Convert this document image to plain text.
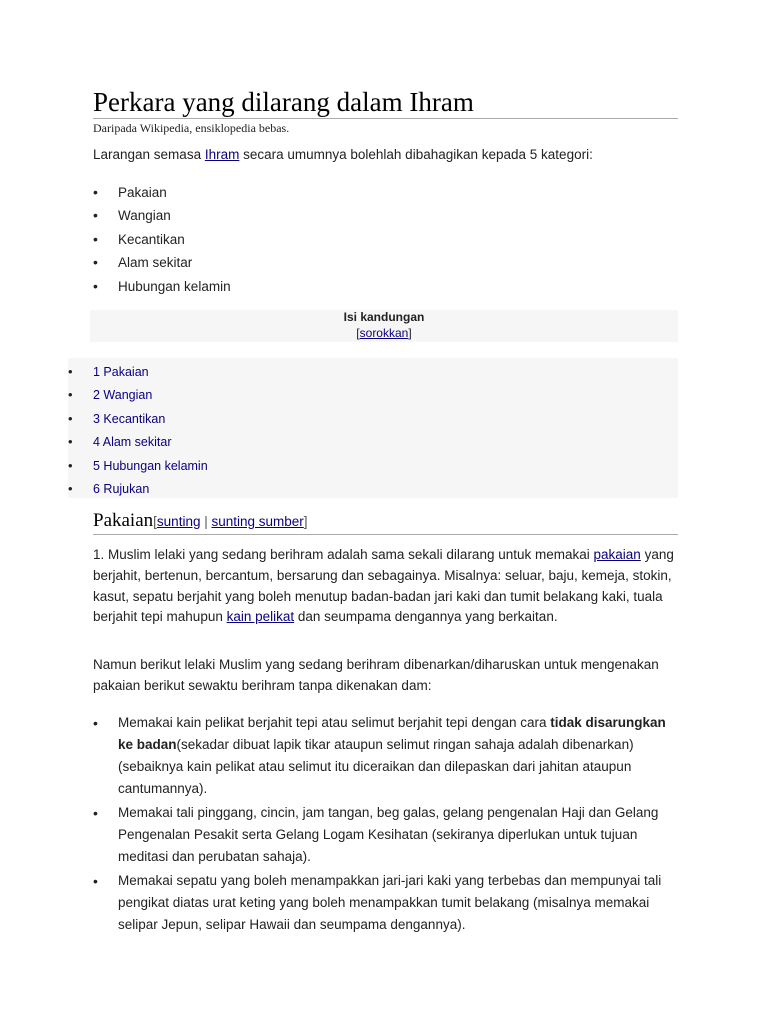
Perkara yang dilarang dalam Ihram
Daripada Wikipedia, ensiklopedia bebas.
Larangan semasa Ihram secara umumnya bolehlah dibahagikan kepada 5 kategori:
• Pakaian
• Wangian
• Kecantikan
• Alam sekitar
• Hubungan kelamin
Isi kandungan
[sorokkan]
• 1 Pakaian
• 2 Wangian
• 3 Kecantikan
• 4 Alam sekitar
• 5 Hubungan kelamin
• 6 Rujukan
Pakaian[sunting | sunting sumber]

1. Muslim lelaki yang sedang berihram adalah sama sekali dilarang untuk memakai pakaian yang berjahit, bertenun, bercantum, bersarung dan sebagainya. Misalnya: seluar, baju, kemeja, stokin, kasut, sepatu berjahit yang boleh menutup badan-badan jari kaki dan tumit belakang kaki, tuala berjahit tepi mahupun kain pelikat dan seumpama dengannya yang berkaitan.

Namun berikut lelaki Muslim yang sedang berihram dibenarkan/diharuskan untuk mengenakan pakaian berikut sewaktu berihram tanpa dikenakan dam:

• Memakai kain pelikat berjahit tepi atau selimut berjahit tepi dengan cara tidak disarungkan ke badan(sekadar dibuat lapik tikar ataupun selimut ringan sahaja adalah dibenarkan) (sebaiknya kain pelikat atau selimut itu diceraikan dan dilepaskan dari jahitan ataupun cantumannya).
• Memakai tali pinggang, cincin, jam tangan, beg galas, gelang pengenalan Haji dan Gelang Pengenalan Pesakit serta Gelang Logam Kesihatan (sekiranya diperlukan untuk tujuan meditasi dan perubatan sahaja).
• Memakai sepatu yang boleh menampakkan jari-jari kaki yang terbebas dan mempunyai tali pengikat diatas urat keting yang boleh menampakkan tumit belakang (misalnya memakai selipar Jepun, selipar Hawaii dan seumpama dengannya).
